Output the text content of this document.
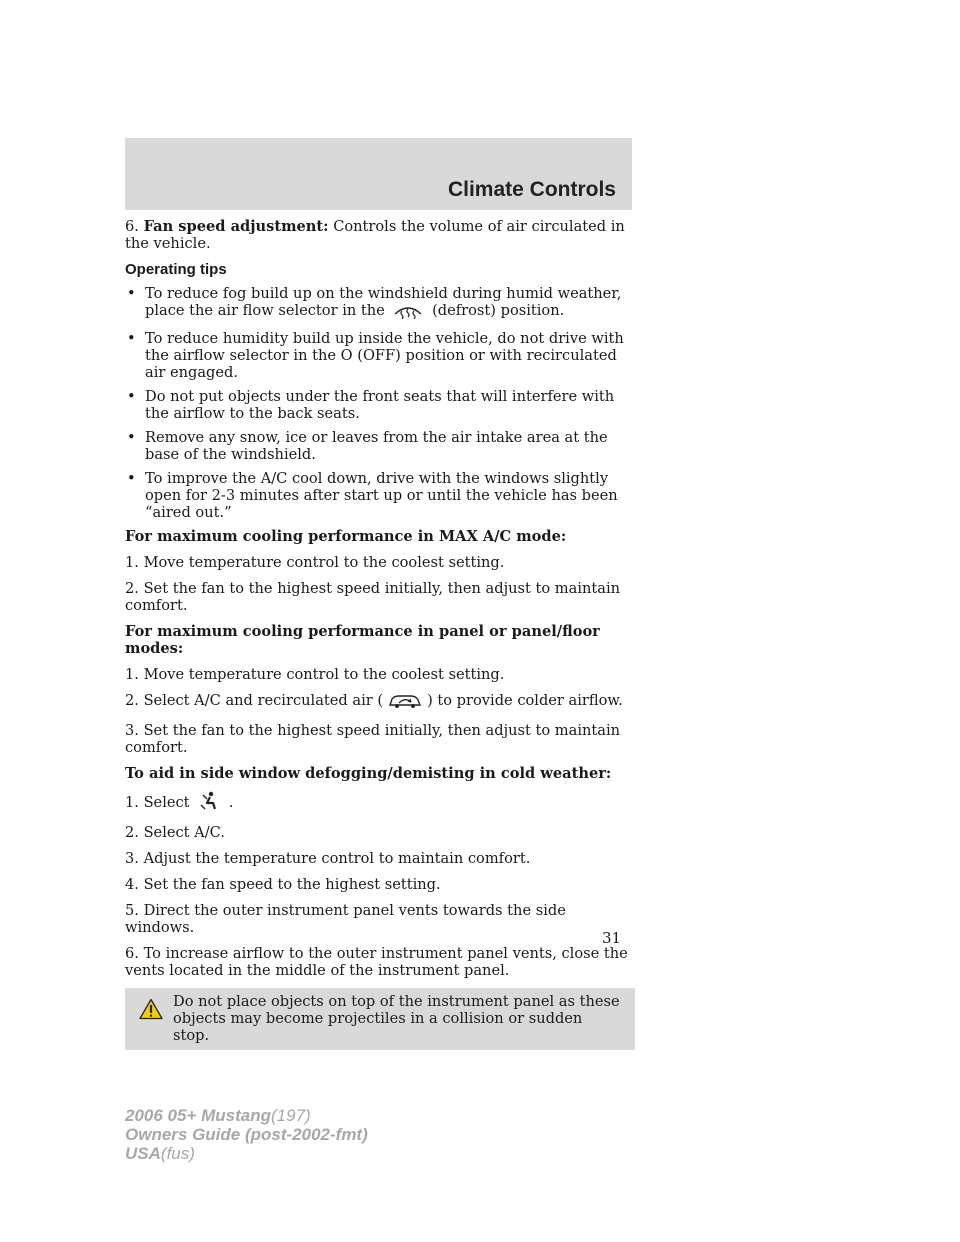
Climate Controls

6. Fan speed adjustment: Controls the volume of air circulated in the vehicle.

Operating tips
• To reduce fog build up on the windshield during humid weather, place the air flow selector in the	(defrost) position.
• To reduce humidity build up inside the vehicle, do not drive with the airflow selector in the O (OFF) position or with recirculated air engaged.
• Do not put objects under the front seats that will interfere with the airflow to the back seats.
• Remove any snow, ice or leaves from the air intake area at the base of the windshield.
• To improve the A/C cool down, drive with the windows slightly open for 2-3 minutes after start up or until the vehicle has been “aired out.”

For maximum cooling performance in MAX A/C mode:

1. Move temperature control to the coolest setting.

2. Set the fan to the highest speed initially, then adjust to maintain comfort.

For maximum cooling performance in panel or panel/floor modes:

1. Move temperature control to the coolest setting.

2. Select A/C and recirculated air (	) to provide colder airflow.

3. Set the fan to the highest speed initially, then adjust to maintain comfort.

To aid in side window defogging/demisting in cold weather:

1. Select	.

2. Select A/C.

3. Adjust the temperature control to maintain comfort.

4. Set the fan speed to the highest setting.

5. Direct the outer instrument panel vents towards the side windows.

6. To increase airflow to the outer instrument panel vents, close the vents located in the middle of the instrument panel.

Do not place objects on top of the instrument panel as these objects may become projectiles in a collision or sudden stop.
31
2006 05+ Mustang(197)
Owners Guide (post-2002-fmt)
USA(fus)
